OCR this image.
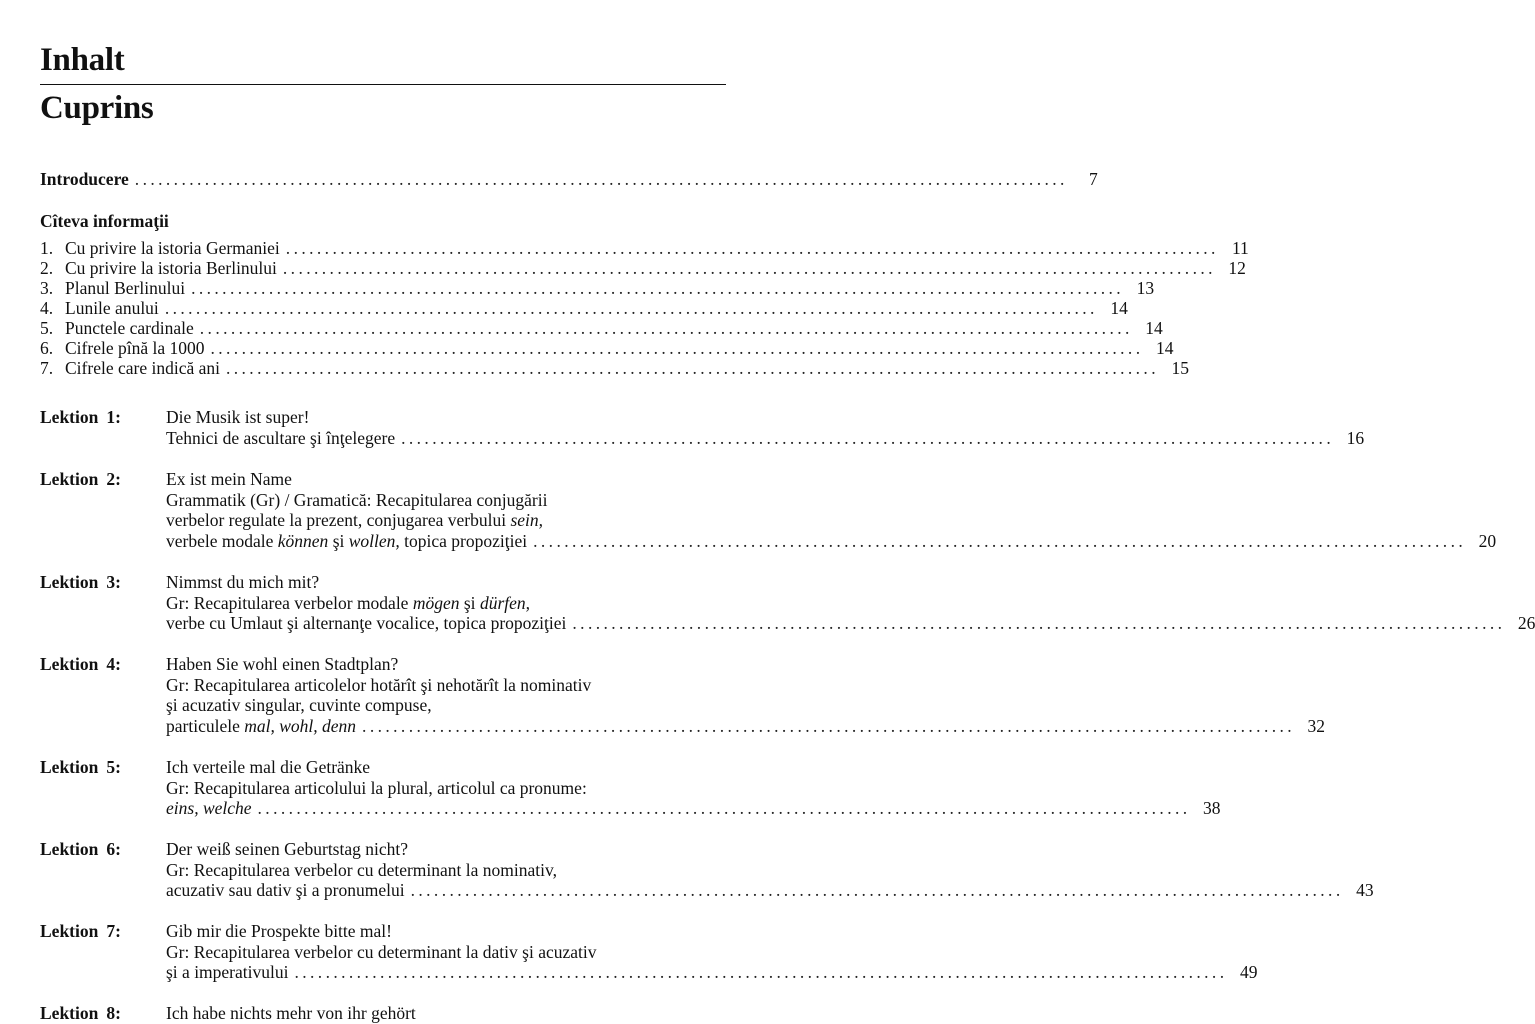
Inhalt
Cuprins
Introducere ........................................................................................................................	7
Cîteva informaţii
1. Cu privire la istoria Germaniei ........................................................................................................................ 11
2. Cu privire la istoria Berlinului ........................................................................................................................ 12
3. Planul Berlinului ........................................................................................................................ 13
4. Lunile anului ........................................................................................................................ 14
5. Punctele cardinale ........................................................................................................................ 14
6. Cifrele pînă la 1000 ........................................................................................................................ 14
7. Cifrele care indică ani ........................................................................................................................ 15
Lektion 1:	Die Musik ist super!
Tehnici de ascultare şi înţelegere ........................................................................................................................ 16
Lektion 2:	Ex ist mein Name
Grammatik (Gr) / Gramatică: Recapitularea conjugării
verbelor regulate la prezent, conjugarea verbului sein,
verbele modale können şi wollen, topica propoziţiei ........................................................................................................................ 20
Lektion 3:	Nimmst du mich mit?
Gr: Recapitularea verbelor modale mögen şi dürfen,
verbe cu Umlaut şi alternanţe vocalice, topica propoziţiei ........................................................................................................................ 26
Lektion 4:	Haben Sie wohl einen Stadtplan?
Gr: Recapitularea articolelor hotărît şi nehotărît la nominativ
şi acuzativ singular, cuvinte compuse,
particulele mal, wohl, denn ........................................................................................................................ 32
Lektion 5:	Ich verteile mal die Getränke
Gr: Recapitularea articolului la plural, articolul ca pronume:
eins, welche ........................................................................................................................ 38
Lektion 6:	Der weiß seinen Geburtstag nicht?
Gr: Recapitularea verbelor cu determinant la nominativ,
acuzativ sau dativ şi a pronumelui ........................................................................................................................ 43
Lektion 7:	Gib mir die Prospekte bitte mal!
Gr: Recapitularea verbelor cu determinant la dativ şi acuzativ
şi a imperativului ........................................................................................................................ 49
Lektion 8:	Ich habe nichts mehr von ihr gehört
